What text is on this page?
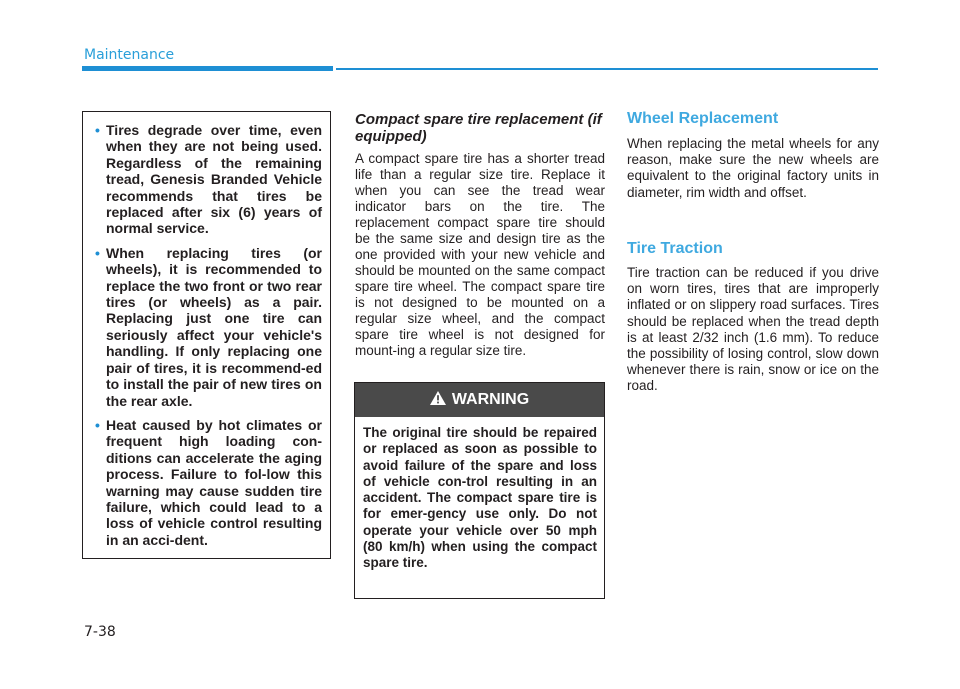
Maintenance
• Tires degrade over time, even when they are not being used. Regardless of the remaining tread, Genesis Branded Vehicle recommends that tires be replaced after six (6) years of normal service.
• When replacing tires (or wheels), it is recommended to replace the two front or two rear tires (or wheels) as a pair. Replacing just one tire can seriously affect your vehicle's handling. If only replacing one pair of tires, it is recommend-ed to install the pair of new tires on the rear axle.
• Heat caused by hot climates or frequent high loading con-ditions can accelerate the aging process. Failure to fol-low this warning may cause sudden tire failure, which could lead to a loss of vehicle control resulting in an acci-dent.
Compact spare tire replacement (if equipped)
A compact spare tire has a shorter tread life than a regular size tire. Replace it when you can see the tread wear indicator bars on the tire. The replacement compact spare tire should be the same size and design tire as the one provided with your new vehicle and should be mounted on the same compact spare tire wheel. The compact spare tire is not designed to be mounted on a regular size wheel, and the compact spare tire wheel is not designed for mount-ing a regular size tire.
WARNING
The original tire should be repaired or replaced as soon as possible to avoid failure of the spare and loss of vehicle con-trol resulting in an accident. The compact spare tire is for emer-gency use only. Do not operate your vehicle over 50 mph (80 km/h) when using the compact spare tire.
Wheel Replacement
When replacing the metal wheels for any reason, make sure the new wheels are equivalent to the original factory units in diameter, rim width and offset.
Tire Traction
Tire traction can be reduced if you drive on worn tires, tires that are improperly inflated or on slippery road surfaces. Tires should be replaced when the tread depth is at least 2/32 inch (1.6 mm). To reduce the possibility of losing control, slow down whenever there is rain, snow or ice on the road.
7-38
